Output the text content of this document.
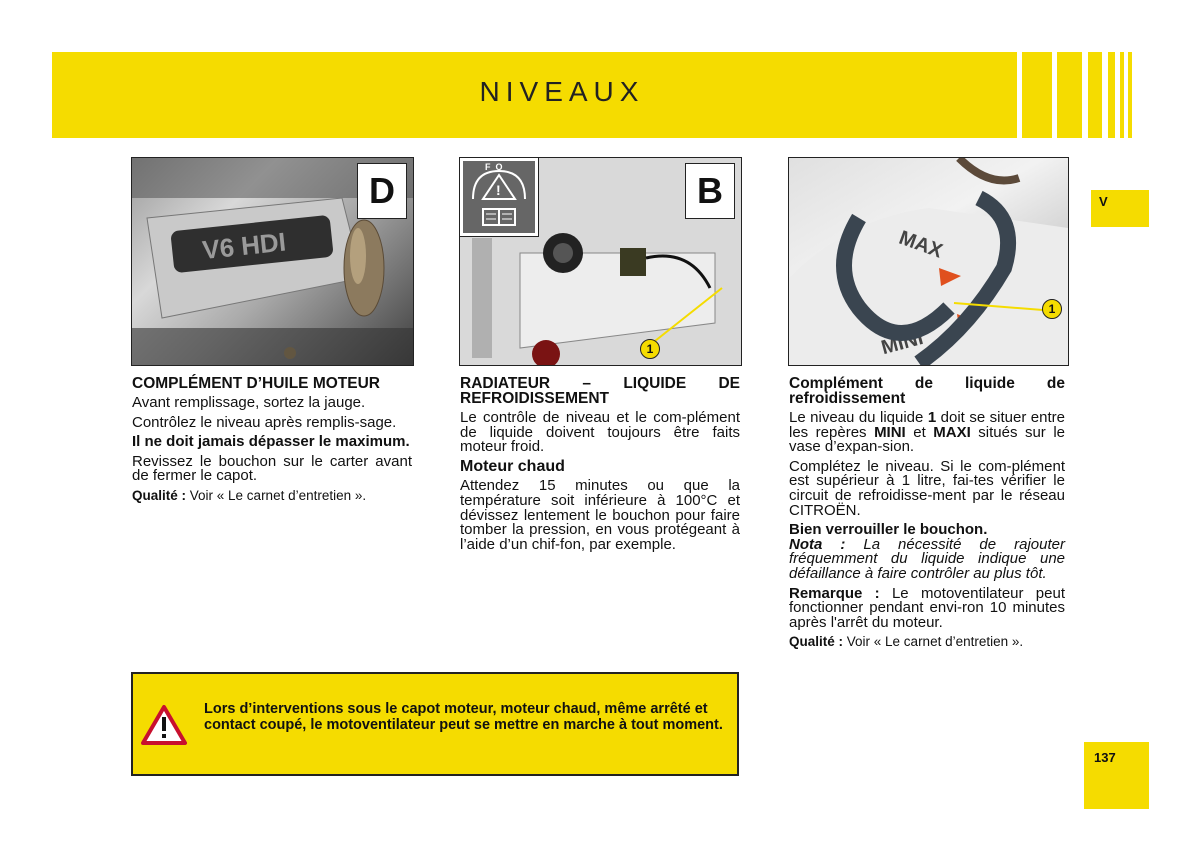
NIVEAUX
V
137
V6 HDI
D	!
F  O
B
1
MAX
MINI
1

COMPLÉMENT D’HUILE MOTEUR

Avant remplissage, sortez la jauge.

Contrôlez le niveau après remplis-sage.

Il ne doit jamais dépasser le maximum.

Revissez le bouchon sur le carter avant de fermer le capot.

Qualité : Voir « Le carnet d’entretien ».

RADIATEUR – LIQUIDE DE REFROIDISSEMENT

Le contrôle de niveau et le com-plément de liquide doivent toujours être faits moteur froid.

Moteur chaud

Attendez 15 minutes ou que la température soit inférieure à 100°C et dévissez lentement le bouchon pour faire tomber la pression, en vous protégeant à l’aide d’un chif-fon, par exemple.

Complément de liquide de refroidissement

Le niveau du liquide 1 doit se situer entre les repères MINI et MAXI situés sur le vase d’expan-sion.

Complétez le niveau. Si le com-plément est supérieur à 1 litre, fai-tes vérifier le circuit de refroidisse-ment par le réseau CITROËN.

Bien verrouiller le bouchon.

Nota : La nécessité de rajouter fréquemment du liquide indique une défaillance à faire contrôler au plus tôt.

Remarque : Le motoventilateur peut fonctionner pendant envi-ron 10 minutes après l'arrêt du moteur.

Qualité : Voir « Le carnet d’entretien ».

Lors d’interventions sous le capot moteur, moteur chaud, même arrêté et contact coupé, le motoventilateur peut se mettre en marche à tout moment.
